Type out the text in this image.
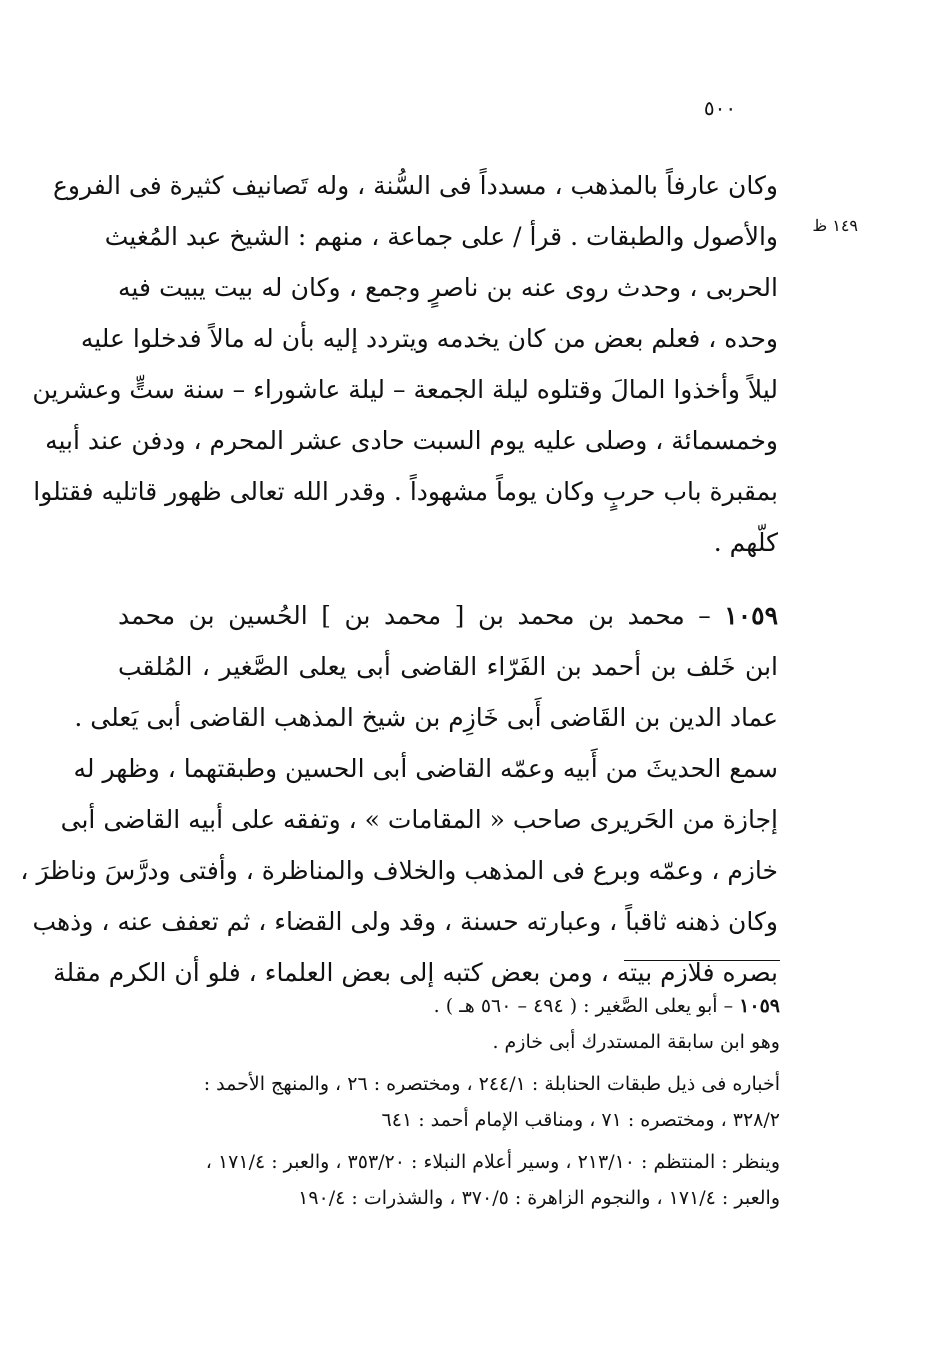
٥٠٠
١٤٩ ظ
وكان عارفاً بالمذهب ، مسدداً فى السُّنة ، وله تَصانيف كثيرة فى الفروع
والأصول والطبقات . قرأ / على جماعة ، منهم : الشيخ عبد المُغيث
الحربى ، وحدث روى عنه بن ناصرٍ وجمع ، وكان له بيت يبيت فيه
وحده ، فعلم بعض من كان يخدمه ويتردد إليه بأن له مالاً فدخلوا عليه
ليلاً وأخذوا المالَ وقتلوه ليلة الجمعة – ليلة عاشوراء – سنة ستٍّ وعشرين
وخمسمائة ، وصلى عليه يوم السبت حادى عشر المحرم ، ودفن عند أبيه
بمقبرة باب حربٍ وكان يوماً مشهوداً . وقدر الله تعالى ظهور قاتليه فقتلوا
كلّهم .
١٠٥٩ – محمد بن محمد بن [ محمد بن ] الحُسين بن محمد
ابن خَلف بن أحمد بن الفَرّاء القاضى أبى يعلى الصَّغير ، المُلقب
عماد الدين بن القَاضى أَبى خَازِم بن شيخ المذهب القاضى أبى يَعلى .
سمع الحديثَ من أَبيه وعمّه القاضى أبى الحسين وطبقتهما ، وظهر له
إجازة من الحَريرى صاحب « المقامات » ، وتفقه على أبيه القاضى أبى
خازم ، وعمّه وبرع فى المذهب والخلاف والمناظرة ، وأفتى ودرَّسَ وناظرَ ،
وكان ذهنه ثاقباً ، وعبارته حسنة ، وقد ولى القضاء ، ثم تعفف عنه ، وذهب
بصره فلازم بيته ، ومن بعض كتبه إلى بعض العلماء ، فلو أن الكرم مقلة
١٠٥٩ – أبو يعلى الصَّغير : ( ٤٩٤ – ٥٦٠ هـ ) .
وهو ابن سابقة المستدرك أبى خازم .
أخباره فى ذيل طبقات الحنابلة : ٢٤٤/١ ، ومختصره : ٢٦ ، والمنهج الأحمد :
٣٢٨/٢ ، ومختصره : ٧١ ، ومناقب الإمام أحمد : ٦٤١
وينظر : المنتظم : ٢١٣/١٠ ، وسير أعلام النبلاء : ٣٥٣/٢٠ ، والعبر : ١٧١/٤ ،
والعبر : ١٧١/٤ ، والنجوم الزاهرة : ٣٧٠/٥ ، والشذرات : ١٩٠/٤
